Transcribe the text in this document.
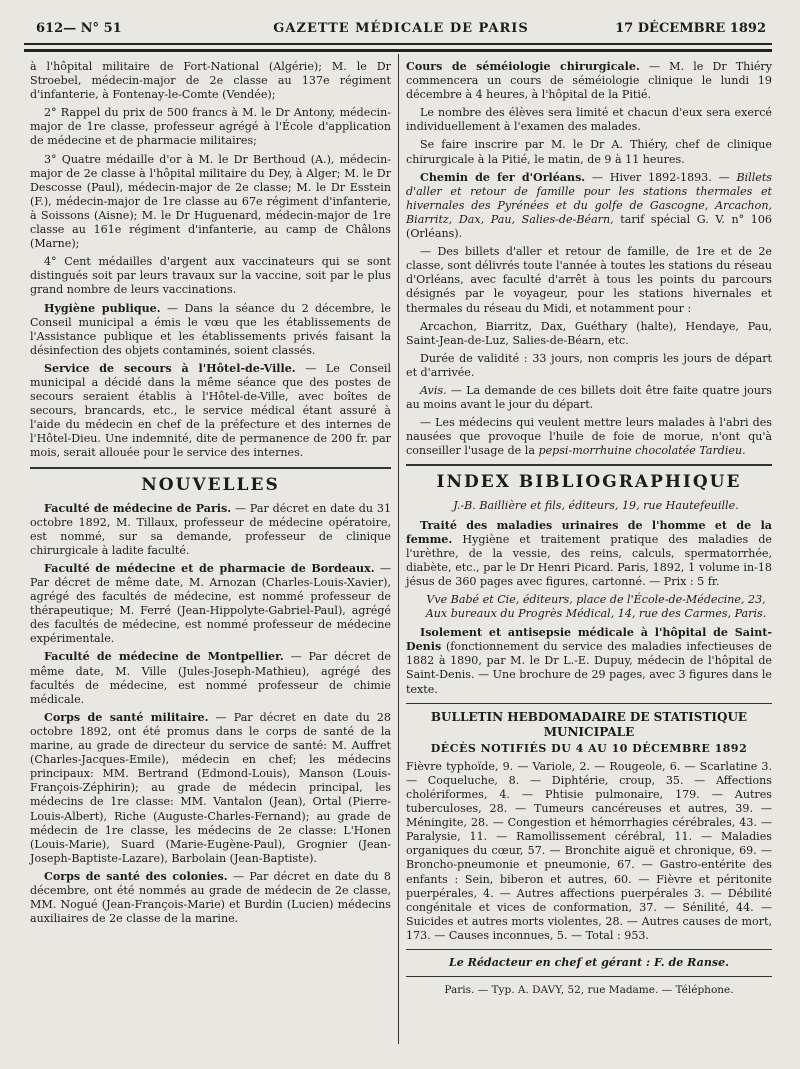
612— N° 51	GAZETTE MÉDICALE DE PARIS	17 DÉCEMBRE 1892

à l'hôpital militaire de Fort-National (Algérie); M. le Dr Stroebel, médecin-major de 2e classe au 137e régiment d'infanterie, à Fontenay-le-Comte (Vendée);

2° Rappel du prix de 500 francs à M. le Dr Antony, médecin-major de 1re classe, professeur agrégé à l'École d'application de médecine et de pharmacie militaires;

3° Quatre médaille d'or à M. le Dr Berthoud (A.), médecin-major de 2e classe à l'hôpital militaire du Dey, à Alger; M. le Dr Descosse (Paul), médecin-major de 2e classe; M. le Dr Esstein (F.), médecin-major de 1re classe au 67e régiment d'infanterie, à Soissons (Aisne); M. le Dr Huguenard, médecin-major de 1re classe au 161e régiment d'infanterie, au camp de Châlons (Marne);

4° Cent médailles d'argent aux vaccinateurs qui se sont distingués soit par leurs travaux sur la vaccine, soit par le plus grand nombre de leurs vaccinations.

Hygiène publique. — Dans la séance du 2 décembre, le Conseil municipal a émis le vœu que les établissements de l'Assistance publique et les établissements privés faisant la désinfection des objets contaminés, soient classés.

Service de secours à l'Hôtel-de-Ville. — Le Conseil municipal a décidé dans la même séance que des postes de secours seraient établis à l'Hôtel-de-Ville, avec boîtes de secours, brancards, etc., le service médical étant assuré à l'aide du médecin en chef de la préfecture et des internes de l'Hôtel-Dieu. Une indemnité, dite de permanence de 200 fr. par mois, serait allouée pour le service des internes.

NOUVELLES

Faculté de médecine de Paris. — Par décret en date du 31 octobre 1892, M. Tillaux, professeur de médecine opératoire, est nommé, sur sa demande, professeur de clinique chirurgicale à ladite faculté.

Faculté de médecine et de pharmacie de Bordeaux. — Par décret de même date, M. Arnozan (Charles-Louis-Xavier), agrégé des facultés de médecine, est nommé professeur de thérapeutique; M. Ferré (Jean-Hippolyte-Gabriel-Paul), agrégé des facultés de médecine, est nommé professeur de médecine expérimentale.

Faculté de médecine de Montpellier. — Par décret de même date, M. Ville (Jules-Joseph-Mathieu), agrégé des facultés de médecine, est nommé professeur de chimie médicale.

Corps de santé militaire. — Par décret en date du 28 octobre 1892, ont été promus dans le corps de santé de la marine, au grade de directeur du service de santé: M. Auffret (Charles-Jacques-Emile), médecin en chef; les médecins principaux: MM. Bertrand (Edmond-Louis), Manson (Louis-François-Zéphirin); au grade de médecin principal, les médecins de 1re classe: MM. Vantalon (Jean), Ortal (Pierre-Louis-Albert), Riche (Auguste-Charles-Fernand); au grade de médecin de 1re classe, les médecins de 2e classe: L'Honen (Louis-Marie), Suard (Marie-Eugène-Paul), Grognier (Jean-Joseph-Baptiste-Lazare), Barbolain (Jean-Baptiste).

Corps de santé des colonies. — Par décret en date du 8 décembre, ont été nommés au grade de médecin de 2e classe, MM. Nogué (Jean-François-Marie) et Burdin (Lucien) médecins auxiliaires de 2e classe de la marine.

Cours de séméiologie chirurgicale. — M. le Dr Thiéry commencera un cours de séméiologie clinique le lundi 19 décembre à 4 heures, à l'hôpital de la Pitié.

Le nombre des élèves sera limité et chacun d'eux sera exercé individuellement à l'examen des malades.

Se faire inscrire par M. le Dr A. Thiéry, chef de clinique chirurgicale à la Pitié, le matin, de 9 à 11 heures.

Chemin de fer d'Orléans. — Hiver 1892-1893. — Billets d'aller et retour de famille pour les stations thermales et hivernales des Pyrénées et du golfe de Gascogne, Arcachon, Biarritz, Dax, Pau, Salies-de-Béarn, tarif spécial G. V. n° 106 (Orléans).

— Des billets d'aller et retour de famille, de 1re et de 2e classe, sont délivrés toute l'année à toutes les stations du réseau d'Orléans, avec faculté d'arrêt à tous les points du parcours désignés par le voyageur, pour les stations hivernales et thermales du réseau du Midi, et notamment pour :

Arcachon, Biarritz, Dax, Guéthary (halte), Hendaye, Pau, Saint-Jean-de-Luz, Salies-de-Béarn, etc.

Durée de validité : 33 jours, non compris les jours de départ et d'arrivée.

Avis. — La demande de ces billets doit être faite quatre jours au moins avant le jour du départ.

— Les médecins qui veulent mettre leurs malades à l'abri des nausées que provoque l'huile de foie de morue, n'ont qu'à conseiller l'usage de la pepsi-morrhuine chocolatée Tardieu.

INDEX BIBLIOGRAPHIQUE

J.-B. Baillière et fils, éditeurs, 19, rue Hautefeuille.

Traité des maladies urinaires de l'homme et de la femme. Hygiène et traitement pratique des maladies de l'urèthre, de la vessie, des reins, calculs, spermatorrhée, diabète, etc., par le Dr Henri Picard. Paris, 1892, 1 volume in-18 jésus de 360 pages avec figures, cartonné. — Prix : 5 fr.

Vve Babé et Cie, éditeurs, place de l'École-de-Médecine, 23,

Aux bureaux du Progrès Médical, 14, rue des Carmes, Paris.

Isolement et antisepsie médicale à l'hôpital de Saint-Denis (fonctionnement du service des maladies infectieuses de 1882 à 1890, par M. le Dr L.-E. Dupuy, médecin de l'hôpital de Saint-Denis. — Une brochure de 29 pages, avec 3 figures dans le texte.

BULLETIN HEBDOMADAIRE DE STATISTIQUE
MUNICIPALE
DÉCÈS NOTIFIÉS DU 4 AU 10 DÉCEMBRE 1892

Fièvre typhoïde, 9. — Variole, 2. — Rougeole, 6. — Scarlatine 3. — Coqueluche, 8. — Diphtérie, croup, 35. — Affections cholériformes, 4. — Phtisie pulmonaire, 179. — Autres tuberculoses, 28. — Tumeurs cancéreuses et autres, 39. — Méningite, 28. — Congestion et hémorrhagies cérébrales, 43. — Paralysie, 11. — Ramollissement cérébral, 11. — Maladies organiques du cœur, 57. — Bronchite aiguë et chronique, 69. — Broncho-pneumonie et pneumonie, 67. — Gastro-entérite des enfants : Sein, biberon et autres, 60. — Fièvre et péritonite puerpérales, 4. — Autres affections puerpérales 3. — Débilité congénitale et vices de conformation, 37. — Sénilité, 44. — Suicides et autres morts violentes, 28. — Autres causes de mort, 173. — Causes inconnues, 5. — Total : 953.

Le Rédacteur en chef et gérant : F. de Ranse.
Paris. — Typ. A. DAVY, 52, rue Madame. — Téléphone.
